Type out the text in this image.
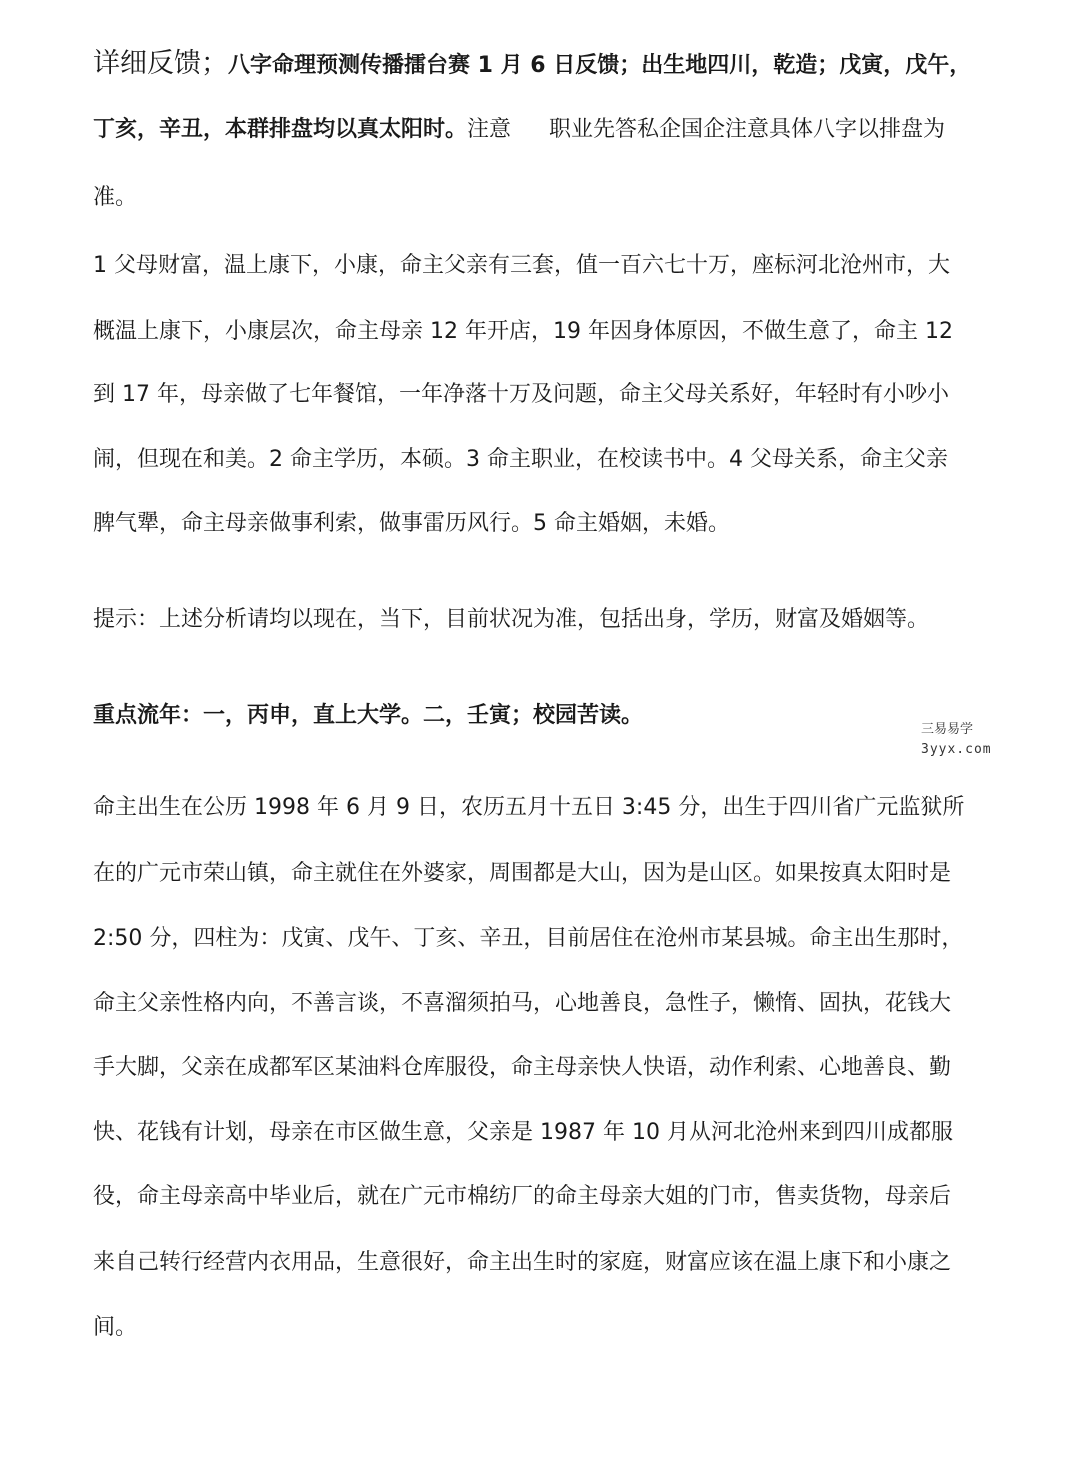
详细反馈；八字命理预测传播擂台赛 1 月 6 日反馈；出生地四川，乾造；戊寅，戊午，
丁亥，辛丑，本群排盘均以真太阳时。注意 职业先答私企国企注意具体八字以排盘为
准。
1 父母财富，温上康下，小康，命主父亲有三套，值一百六七十万，座标河北沧州市，大
概温上康下，小康层次，命主母亲 12 年开店，19 年因身体原因，不做生意了，命主 12
到 17 年，母亲做了七年餐馆，一年净落十万及问题，命主父母关系好，年轻时有小吵小
闹，但现在和美。2 命主学历，本硕。3 命主职业，在校读书中。4 父母关系，命主父亲
脾气犟，命主母亲做事利索，做事雷历风行。5 命主婚姻，未婚。
提示：上述分析请均以现在，当下，目前状况为准，包括出身，学历，财富及婚姻等。
重点流年：一，丙申，直上大学。二，壬寅；校园苦读。
命主出生在公历 1998 年 6 月 9 日，农历五月十五日 3:45 分，出生于四川省广元监狱所
在的广元市荣山镇，命主就住在外婆家，周围都是大山，因为是山区。如果按真太阳时是
2:50 分，四柱为：戊寅、戊午、丁亥、辛丑，目前居住在沧州市某县城。命主出生那时，
命主父亲性格内向，不善言谈，不喜溜须拍马，心地善良，急性子，懒惰、固执，花钱大
手大脚，父亲在成都军区某油料仓库服役，命主母亲快人快语，动作利索、心地善良、勤
快、花钱有计划，母亲在市区做生意，父亲是 1987 年 10 月从河北沧州来到四川成都服
役，命主母亲高中毕业后，就在广元市棉纺厂的命主母亲大姐的门市，售卖货物，母亲后
来自己转行经营内衣用品，生意很好，命主出生时的家庭，财富应该在温上康下和小康之
间。
三易易学
3yyx.com
